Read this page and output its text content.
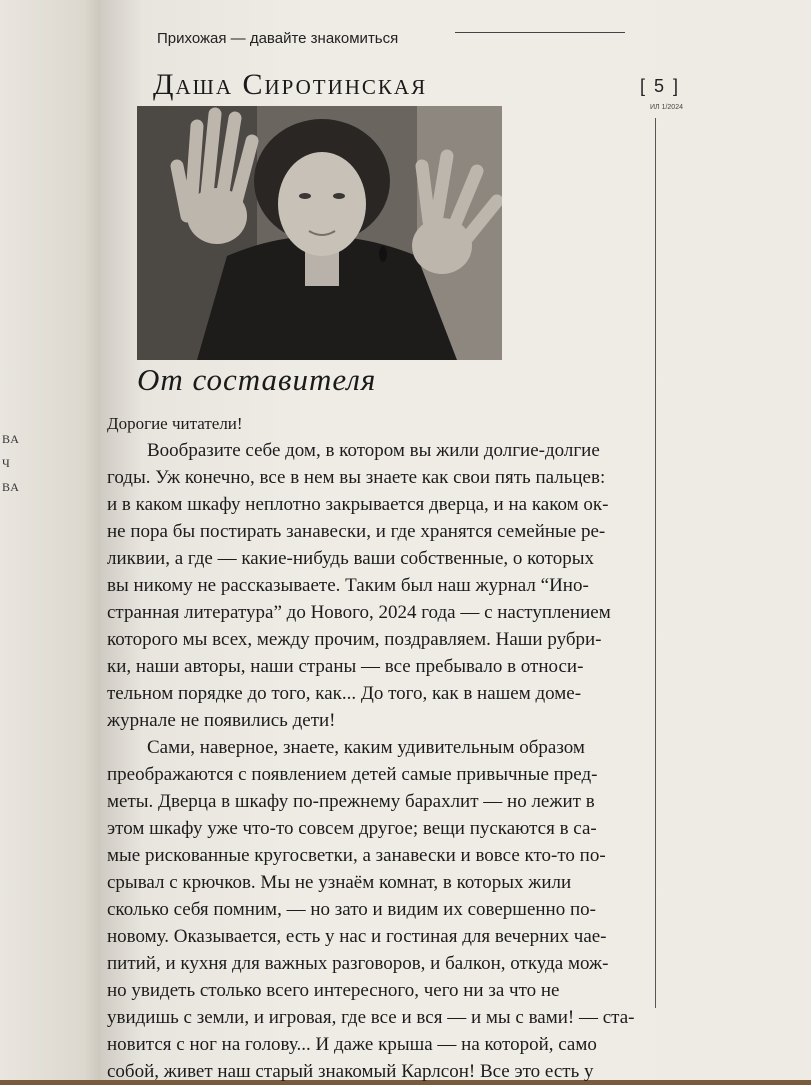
ВА
Ч
ВА
Прихожая — давайте знакомиться
Даша Сиротинская	[ 5 ]
ИЛ 1/2024
От составителя
Дорогие читатели!
Вообразите себе дом, в котором вы жили долгие-долгие
годы. Уж конечно, все в нем вы знаете как свои пять пальцев:
и в каком шкафу неплотно закрывается дверца, и на каком ок-
не пора бы постирать занавески, и где хранятся семейные ре-
ликвии, а где — какие-нибудь ваши собственные, о которых
вы никому не рассказываете. Таким был наш журнал “Ино-
странная литература” до Нового, 2024 года — с наступлением
которого мы всех, между прочим, поздравляем. Наши рубри-
ки, наши авторы, наши страны — все пребывало в относи-
тельном порядке до того, как... До того, как в нашем доме-
журнале не появились дети!
Сами, наверное, знаете, каким удивительным образом
преображаются с появлением детей самые привычные пред-
меты. Дверца в шкафу по-прежнему барахлит — но лежит в
этом шкафу уже что-то совсем другое; вещи пускаются в са-
мые рискованные кругосветки, а занавески и вовсе кто-то по-
срывал с крючков. Мы не узнаём комнат, в которых жили
сколько себя помним, — но зато и видим их совершенно по-
новому. Оказывается, есть у нас и гостиная для вечерних чае-
питий, и кухня для важных разговоров, и балкон, откуда мож-
но увидеть столько всего интересного, чего ни за что не
увидишь с земли, и игровая, где все и вся — и мы с вами! — ста-
новится с ног на голову... И даже крыша — на которой, само
собой, живет наш старый знакомый Карлсон! Все это есть у
